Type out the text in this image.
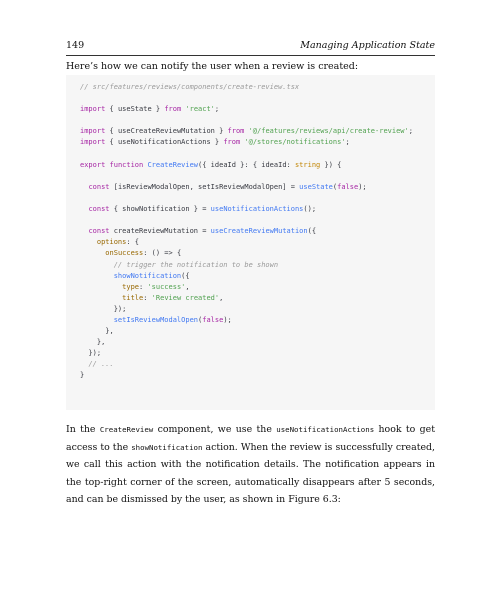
149	Managing Application State

Here’s how we can notify the user when a review is created:

// src/features/reviews/components/create-review.tsx
import { useState } from 'react';
import { useCreateReviewMutation } from '@/features/reviews/api/create-review';
import { useNotificationActions } from '@/stores/notifications';
export function CreateReview({ ideaId }: { ideaId: string }) {
const [isReviewModalOpen, setIsReviewModalOpen] = useState(false);
const { showNotification } = useNotificationActions();
const createReviewMutation = useCreateReviewMutation({
options: {
onSuccess: () => {
// trigger the notification to be shown
showNotification({
type: 'success',
title: 'Review created',
});
setIsReviewModalOpen(false);
},
},
});
// ...
}

In the CreateReview component, we use the useNotificationActions hook to get access to the showNotification action. When the review is successfully created, we call this action with the notification details. The notification appears in the top-right corner of the screen, automatically disappears after 5 seconds, and can be dismissed by the user, as shown in Figure 6.3:
